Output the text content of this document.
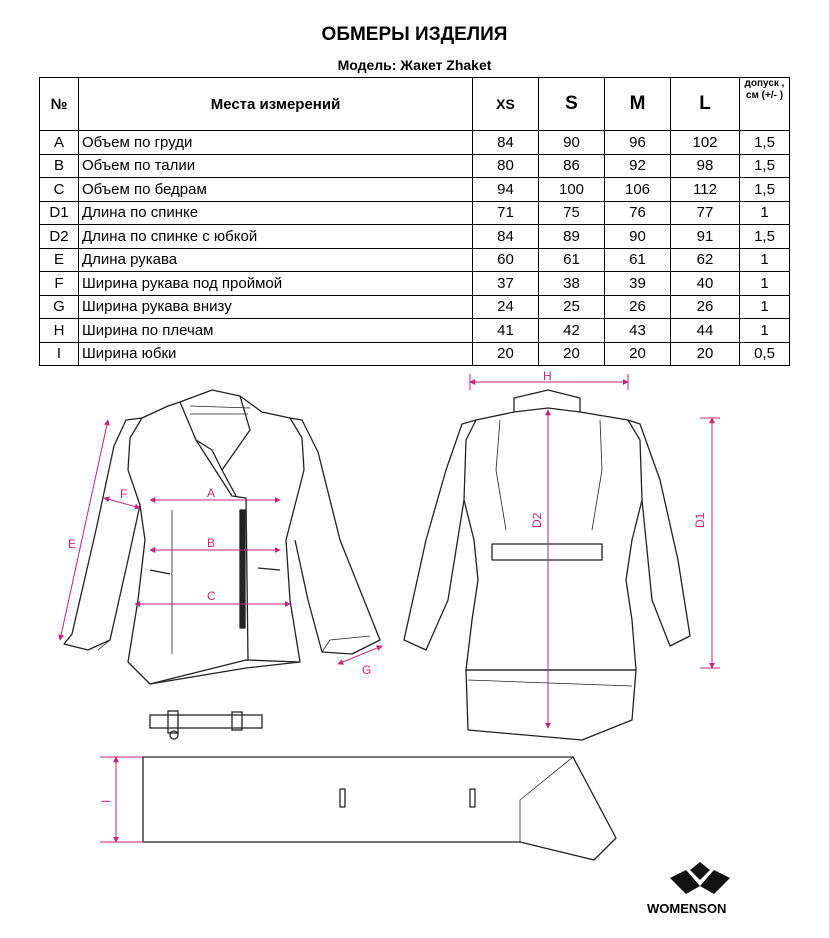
ОБМЕРЫ ИЗДЕЛИЯ
Модель: Жакет Zhaket
№	Места измерений	XS	S	M	L	допуск , см (+/- )
A	Объем по груди	84	90	96	102	1,5
B	Объем по талии	80	86	92	98	1,5
C	Объем по бедрам	94	100	106	112	1,5
D1	Длина по спинке	71	75	76	77	1
D2	Длина по спинке с юбкой	84	89	90	91	1,5
E	Длина рукава	60	61	61	62	1
F	Ширина рукава под проймой	37	38	39	40	1
G	Ширина рукава внизу	24	25	26	26	1
H	Ширина по плечам	41	42	43	44	1
I	Ширина юбки	20	20	20	20	0,5
A
B
C
F
E
G
H
D2	D1
I
WOMENSON
